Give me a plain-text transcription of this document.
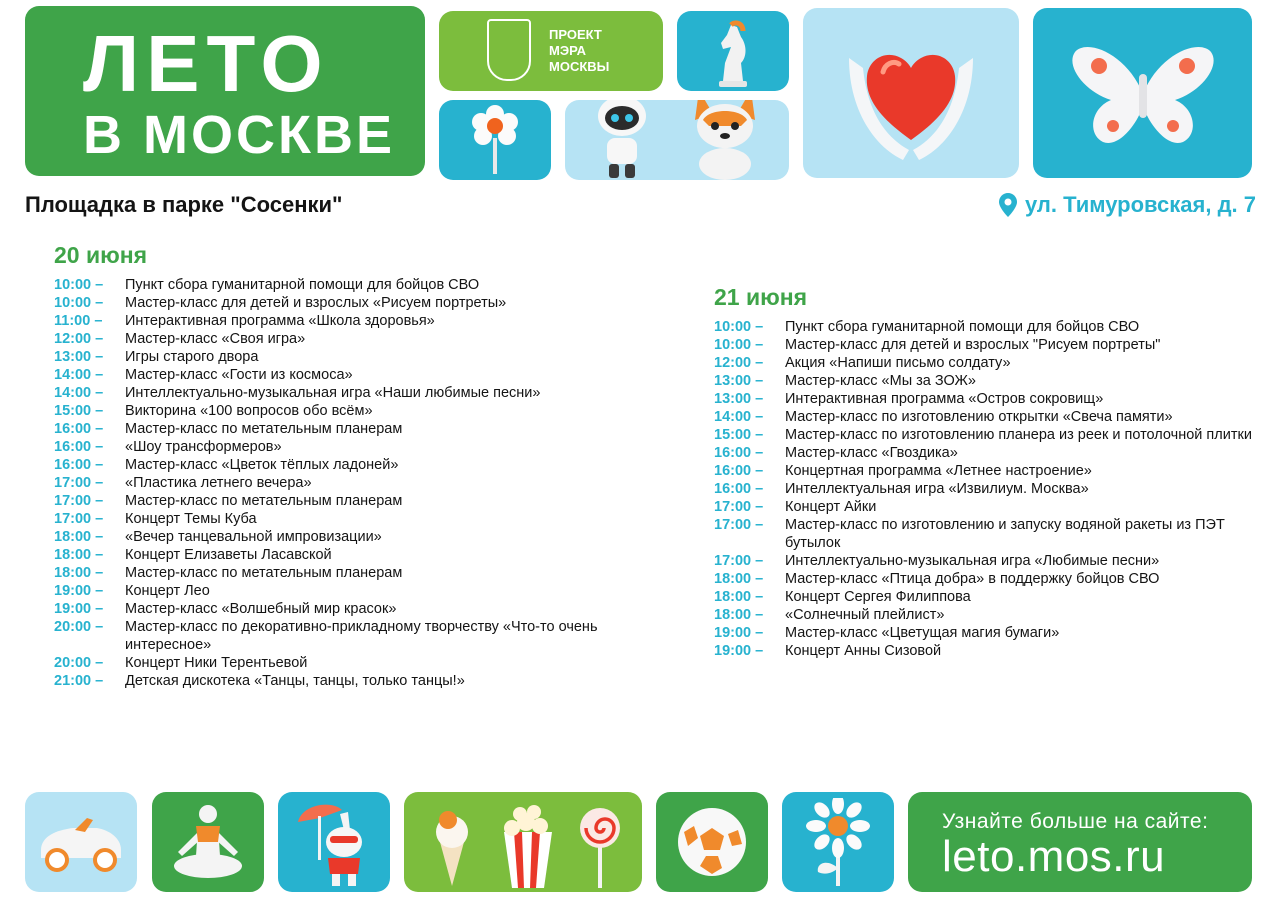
ЛЕТО
В МОСКВЕ
ПРОЕКТ
МЭРА
МОСКВЫ
Площадка в парке "Сосенки"	ул. Тимуровская, д. 7
20 июня
10:00 –	Пункт сбора гуманитарной помощи для бойцов СВО
10:00 –	Мастер-класс для детей и взрослых «Рисуем портреты»
11:00 –	Интерактивная программа «Школа здоровья»
12:00 –	Мастер-класс «Своя игра»
13:00 –	Игры старого двора
14:00 –	Мастер-класс «Гости из космоса»
14:00 –	Интеллектуально-музыкальная игра «Наши любимые песни»
15:00 –	Викторина «100 вопросов обо всём»
16:00 –	Мастер-класс по метательным планерам
16:00 –	«Шоу трансформеров»
16:00 –	Мастер-класс «Цветок тёплых ладоней»
17:00 –	«Пластика летнего вечера»
17:00 –	Мастер-класс по метательным планерам
17:00 –	Концерт Темы Куба
18:00 –	«Вечер танцевальной импровизации»
18:00 –	Концерт Елизаветы Ласавской
18:00 –	Мастер-класс по метательным планерам
19:00 –	Концерт Лео
19:00 –	Мастер-класс «Волшебный мир красок»
20:00 –	Мастер-класс по декоративно-прикладному творчеству «Что-то очень интересное»
20:00 –	Концерт Ники Терентьевой
21:00 –	Детская дискотека «Танцы, танцы, только танцы!»
21 июня
10:00 –	Пункт сбора гуманитарной помощи для бойцов СВО
10:00 –	Мастер-класс для детей и взрослых "Рисуем портреты"
12:00 –	Акция «Напиши письмо солдату»
13:00 –	Мастер-класс «Мы за ЗОЖ»
13:00 –	Интерактивная программа «Остров сокровищ»
14:00 –	Мастер-класс по изготовлению открытки «Свеча памяти»
15:00 –	Мастер-класс по изготовлению планера из реек и потолочной плитки
16:00 –	Мастер-класс «Гвоздика»
16:00 –	Концертная программа «Летнее настроение»
16:00 –	Интеллектуальная игра «Извилиум. Москва»
17:00 –	Концерт Айки
17:00 –	Мастер-класс по изготовлению и запуску водяной ракеты из ПЭТ бутылок
17:00 –	Интеллектуально-музыкальная игра «Любимые песни»
18:00 –	Мастер-класс «Птица добра» в поддержку бойцов СВО
18:00 –	Концерт Сергея Филиппова
18:00 –	«Солнечный плейлист»
19:00 –	Мастер-класс «Цветущая магия бумаги»
19:00 –	Концерт Анны Сизовой
Узнайте больше на сайте:
leto.mos.ru
